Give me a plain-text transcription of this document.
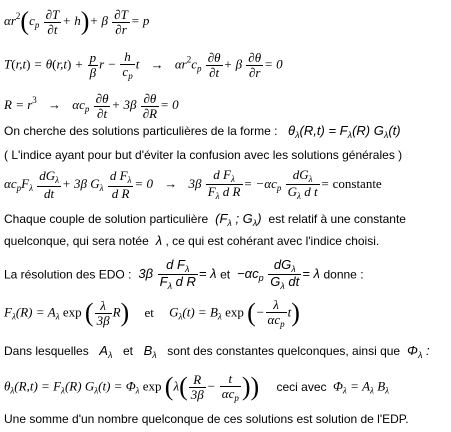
$\alpha r^2(c_p \frac{\partial T}{\partial t} + h)+ \beta \frac{\partial T}{\partial r} = p$
$T(r,t) = \theta(r,t) + \frac{p}{\beta}$ $r - \frac{h}{c_p}$ $t \to \alpha r^2c_p \frac{\partial\theta}{\partial t} + \beta \frac{\partial\theta}{\partial r} = 0$
$R = r^3 \to \alpha c_p \frac{\partial\theta}{\partial t} + 3\beta \frac{\partial\theta}{\partial R} = 0$
On cherche des solutions particulières de la forme :   $\theta_\lambda(R,t) = F_\lambda(R)$ $G_\lambda(t)$
( L'indice ayant pour but d'éviter la confusion avec les solutions générales )
$\alpha c_pF_\lambda \frac{dG_\lambda}{dt} + 3\beta$ $G_\lambda \frac{d F_\lambda}{\text{d R}} = 0 \to 3\beta \frac{d F_\lambda}{F_\lambda d R} = -\alpha c_p \frac{dG_\lambda}{G_\lambda d t}$ = constante
Chaque couple de solution particulière  ($F_\lambda$ ; $G_\lambda$)  est relatif à une constante
quelconque, qui sera notée  λ , ce qui est cohérant avec l'indice choisi.
La résolution des EDO :  $3\beta \frac{d F_\lambda}{F_\lambda d R} = \lambda$ et  $-\alpha c_p \frac{dG_\lambda}{G_\lambda dt} = \lambda$ donne :
$F_\lambda(R) = A_\lambda$ exp ( $\frac{\lambda}{3\beta} R$) et $G_\lambda(t) = B_\lambda$ exp (− $\frac{\lambda}{\alpha c_p} t$)
Dans lesquelles $A_\lambda$ et $B_\lambda$ sont des constantes quelconques, ainsi que  $\Phi_\lambda$ :
$\theta_\lambda(R,t) = F_\lambda(R) G_\lambda(t) = \Phi_\lambda$ $\exp (\lambda( \frac{R}{3\beta} - \frac{t}{\alpha c_p}$ )) ceci avec  $\Phi_\lambda = A_\lambda$ $B_\lambda$
Une somme d'un nombre quelconque de ces solutions est solution de l'EDP.
